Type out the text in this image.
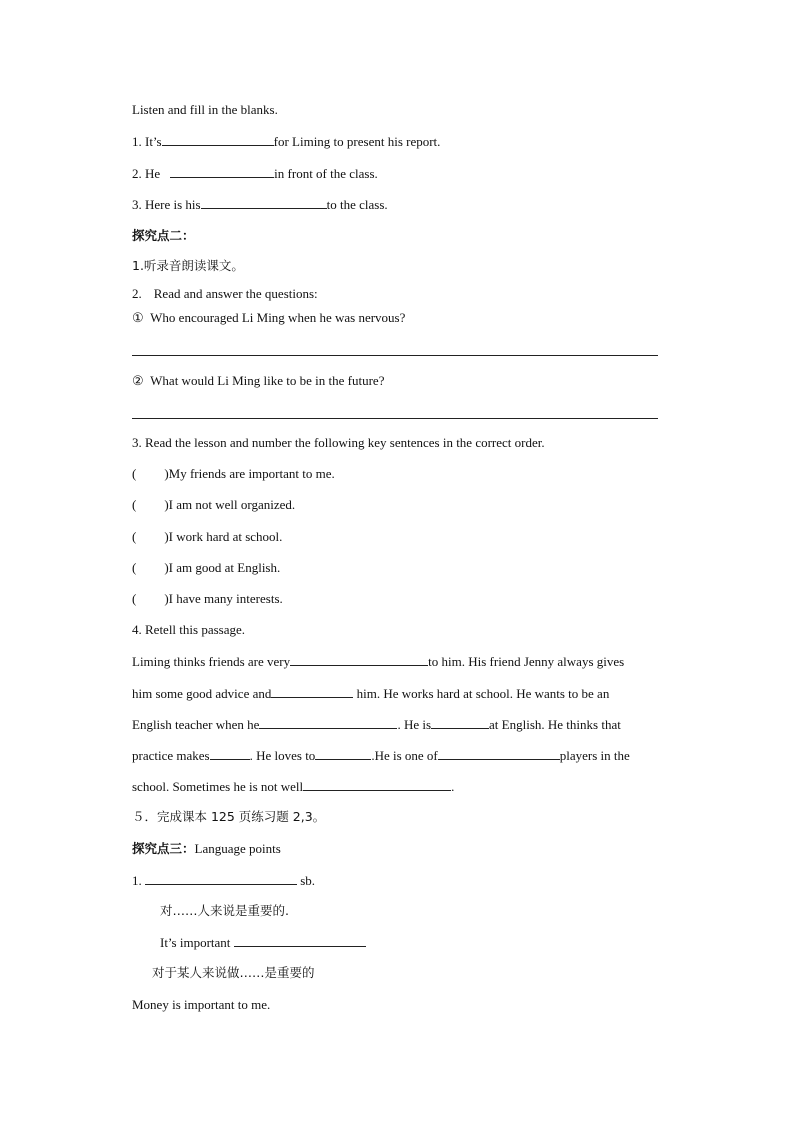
Listen and fill in the blanks.
1. It’s	for Liming to present his report.
2. He	in front of the class.
3. Here is his	to the class.
探究点二：
1.听录音朗读课文。
2. Read and answer the questions:
① Who encouraged Li Ming when he was nervous?
② What would Li Ming like to be in the future?
3. Read the lesson and number the following key sentences in the correct order.
( )My friends are important to me.
( )I am not well organized.
( )I work hard at school.
( )I am good at English.
( )I have many interests.
4. Retell this passage.
Liming thinks friends are very	to him. His friend Jenny always gives
him some good advice and	him. He works hard at school. He wants to be an
English teacher when he	. He is	at English. He thinks that
practice makes	. He loves to	.He is one of	players in the
school. Sometimes he is not well	.
５．完成课本 125 页练习题 2,3。
探究点三：Language points
1.	sb.
对……人来说是重要的.
It’s important
对于某人来说做……是重要的
Money is important to me.
